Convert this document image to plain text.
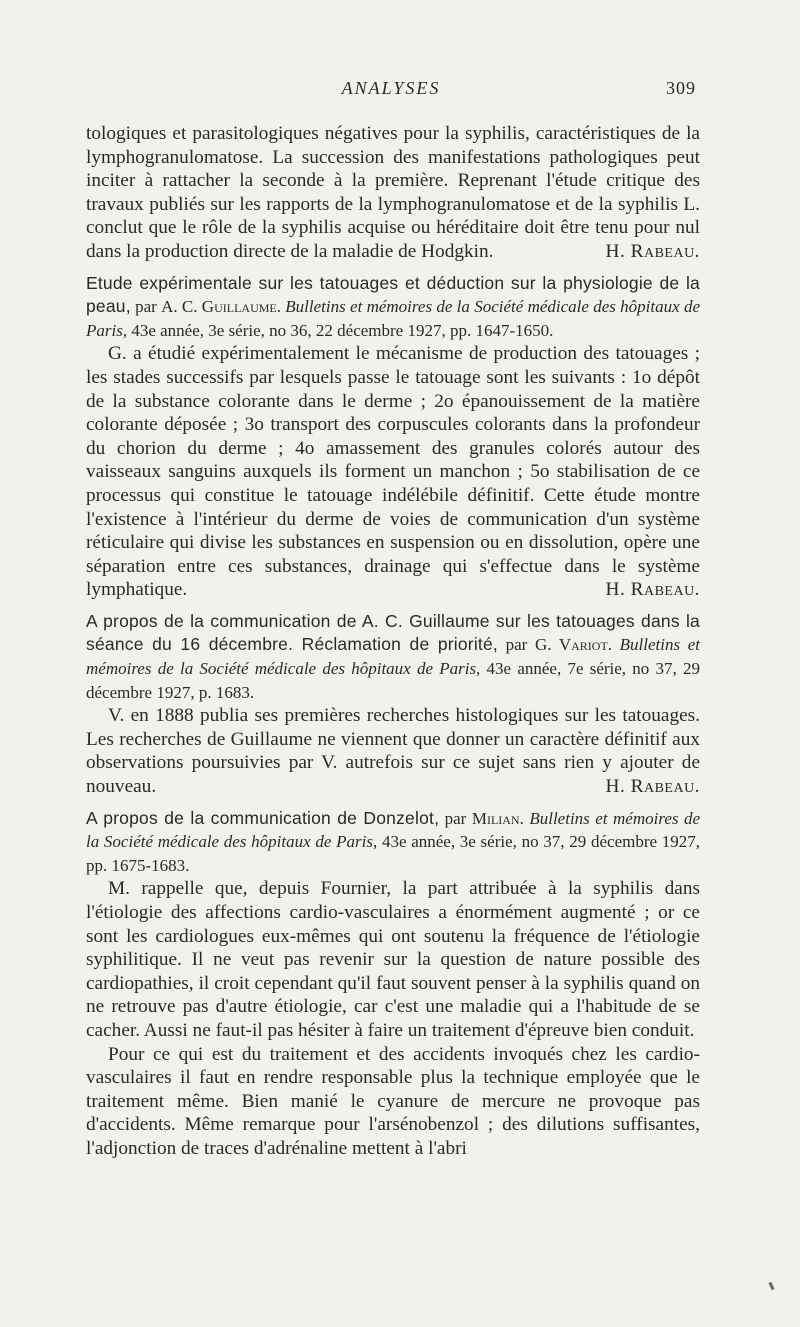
ANALYSES	309

tologiques et parasitologiques négatives pour la syphilis, caractéristiques de la lymphogranulomatose. La succession des manifestations pathologiques peut inciter à rattacher la seconde à la première. Reprenant l'étude critique des travaux publiés sur les rapports de la lymphogranulomatose et de la syphilis L. conclut que le rôle de la syphilis acquise ou héréditaire doit être tenu pour nul dans la production directe de la maladie de Hodgkin.	H. Rabeau.

Etude expérimentale sur les tatouages et déduction sur la physiologie de la peau, par A. C. Guillaume. Bulletins et mémoires de la Société médicale des hôpitaux de Paris, 43e année, 3e série, no 36, 22 décembre 1927, pp. 1647-1650.

G. a étudié expérimentalement le mécanisme de production des tatouages ; les stades successifs par lesquels passe le tatouage sont les suivants : 1o dépôt de la substance colorante dans le derme ; 2o épanouissement de la matière colorante déposée ; 3o transport des corpuscules colorants dans la profondeur du chorion du derme ; 4o amassement des granules colorés autour des vaisseaux sanguins auxquels ils forment un manchon ; 5o stabilisation de ce processus qui constitue le tatouage indélébile définitif. Cette étude montre l'existence à l'intérieur du derme de voies de communication d'un système réticulaire qui divise les substances en suspension ou en dissolution, opère une séparation entre ces substances, drainage qui s'effectue dans le système lymphatique.	H. Rabeau.

A propos de la communication de A. C. Guillaume sur les tatouages dans la séance du 16 décembre. Réclamation de priorité, par G. Variot. Bulletins et mémoires de la Société médicale des hôpitaux de Paris, 43e année, 7e série, no 37, 29 décembre 1927, p. 1683.

V. en 1888 publia ses premières recherches histologiques sur les tatouages. Les recherches de Guillaume ne viennent que donner un caractère définitif aux observations poursuivies par V. autrefois sur ce sujet sans rien y ajouter de nouveau.	H. Rabeau.

A propos de la communication de Donzelot, par Milian. Bulletins et mémoires de la Société médicale des hôpitaux de Paris, 43e année, 3e série, no 37, 29 décembre 1927, pp. 1675-1683.

M. rappelle que, depuis Fournier, la part attribuée à la syphilis dans l'étiologie des affections cardio-vasculaires a énormément augmenté ; or ce sont les cardiologues eux-mêmes qui ont soutenu la fréquence de l'étiologie syphilitique. Il ne veut pas revenir sur la question de nature possible des cardiopathies, il croit cependant qu'il faut souvent penser à la syphilis quand on ne retrouve pas d'autre étiologie, car c'est une maladie qui a l'habitude de se cacher. Aussi ne faut-il pas hésiter à faire un traitement d'épreuve bien conduit.

Pour ce qui est du traitement et des accidents invoqués chez les cardio-vasculaires il faut en rendre responsable plus la technique employée que le traitement même. Bien manié le cyanure de mercure ne provoque pas d'accidents. Même remarque pour l'arsénobenzol ; des dilutions suffisantes, l'adjonction de traces d'adrénaline mettent à l'abri
